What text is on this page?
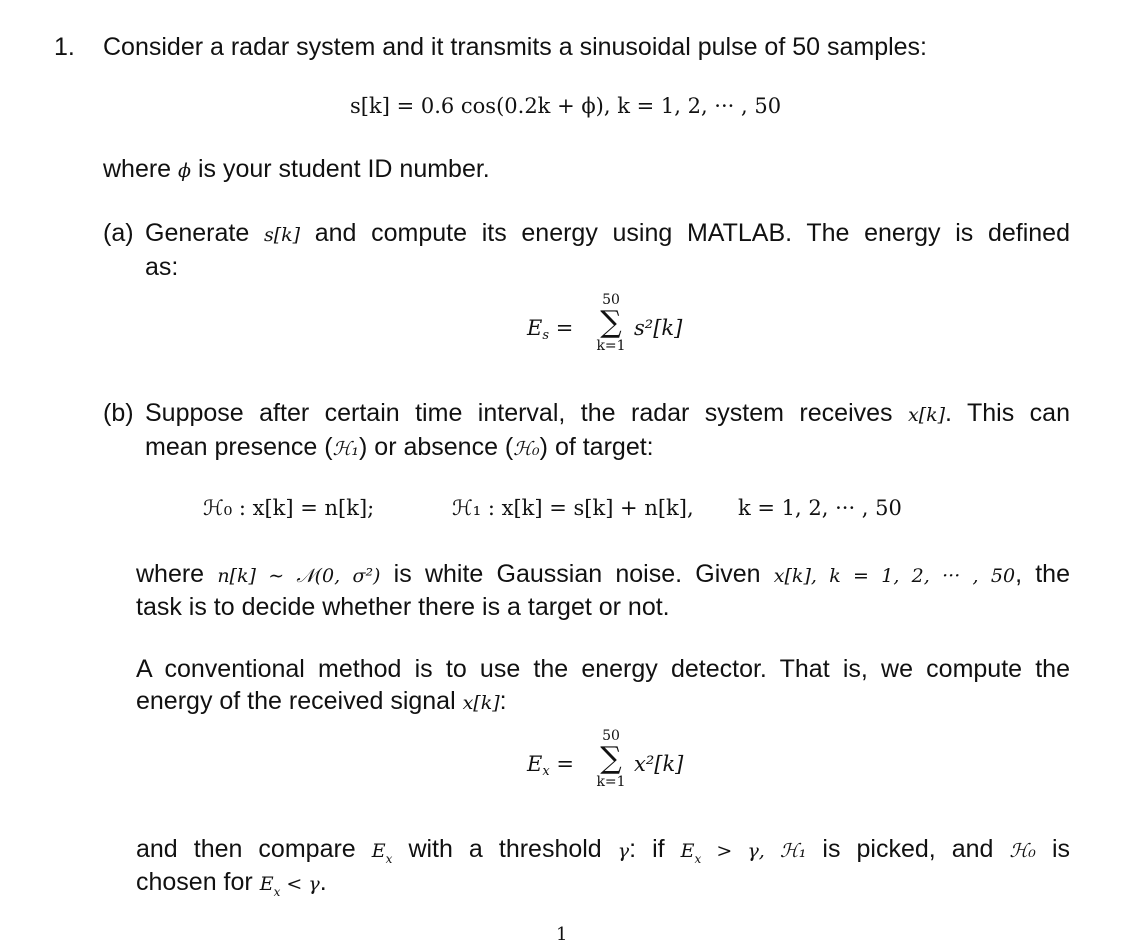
1. Consider a radar system and it transmits a sinusoidal pulse of 50 samples:
s[k] = 0.6 cos(0.2k + ϕ), k = 1, 2, ··· , 50
where ϕ is your student ID number.
(a) Generate s[k] and compute its energy using MATLAB. The energy is defined
as:
$E_s$ =
50
∑
k=1
s²[k]
(b) Suppose after certain time interval, the radar system receives x[k]. This can
mean presence (ℋ₁) or absence (ℋ₀) of target:
ℋ₀ : x[k] = n[k];	ℋ₁ : x[k] = s[k] + n[k], k = 1, 2, ··· , 50
where n[k] ∼ 𝒩(0, σ²) is white Gaussian noise. Given x[k], k = 1, 2, ··· , 50, the
task is to decide whether there is a target or not.
A conventional method is to use the energy detector. That is, we compute the
energy of the received signal x[k]:
$E_x$ =
50
∑
k=1
x²[k]
and then compare $E_x$ with a threshold γ: if $E_x > \gamma$, ℋ₁ is picked, and ℋ₀ is
chosen for $E_x < \gamma$.
1
